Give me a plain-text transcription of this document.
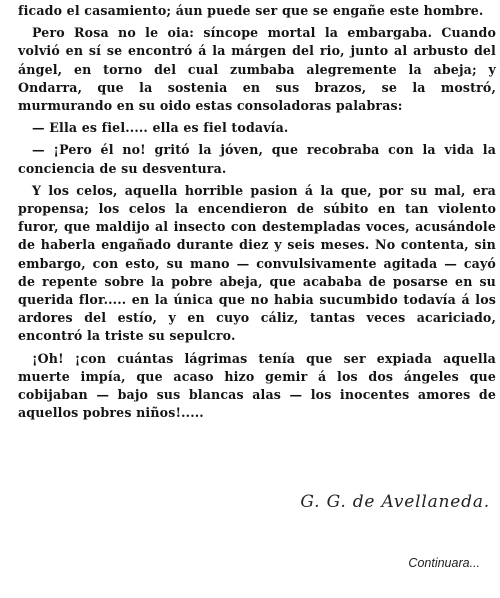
ficado el casamiento; áun puede ser que se engañe este hombre.

Pero Rosa no le oia: síncope mortal la embargaba. Cuando volvió en sí se encontró á la márgen del rio, junto al arbusto del ángel, en torno del cual zumbaba alegremente la abeja; y Ondarra, que la sostenia en sus brazos, se la mostró, murmurando en su oido estas consoladoras palabras:

— Ella es fiel..... ella es fiel todavía.

— ¡Pero él no! gritó la jóven, que recobraba con la vida la conciencia de su desventura.

Y los celos, aquella horrible pasion á la que, por su mal, era propensa; los celos la encendieron de súbito en tan violento furor, que maldijo al insecto con destempladas voces, acusándole de haberla engañado durante diez y seis meses. No contenta, sin embargo, con esto, su mano — convulsivamente agitada — cayó de repente sobre la pobre abeja, que acababa de posarse en su querida flor..... en la única que no habia sucumbido todavía á los ardores del estío, y en cuyo cáliz, tantas veces acariciado, encontró la triste su sepulcro.

¡Oh! ¡con cuántas lágrimas tenía que ser expiada aquella muerte impía, que acaso hizo gemir á los dos ángeles que cobijaban — bajo sus blancas alas — los inocentes amores de aquellos pobres niños!.....

G. G. de Avellaneda.
Continuara...
